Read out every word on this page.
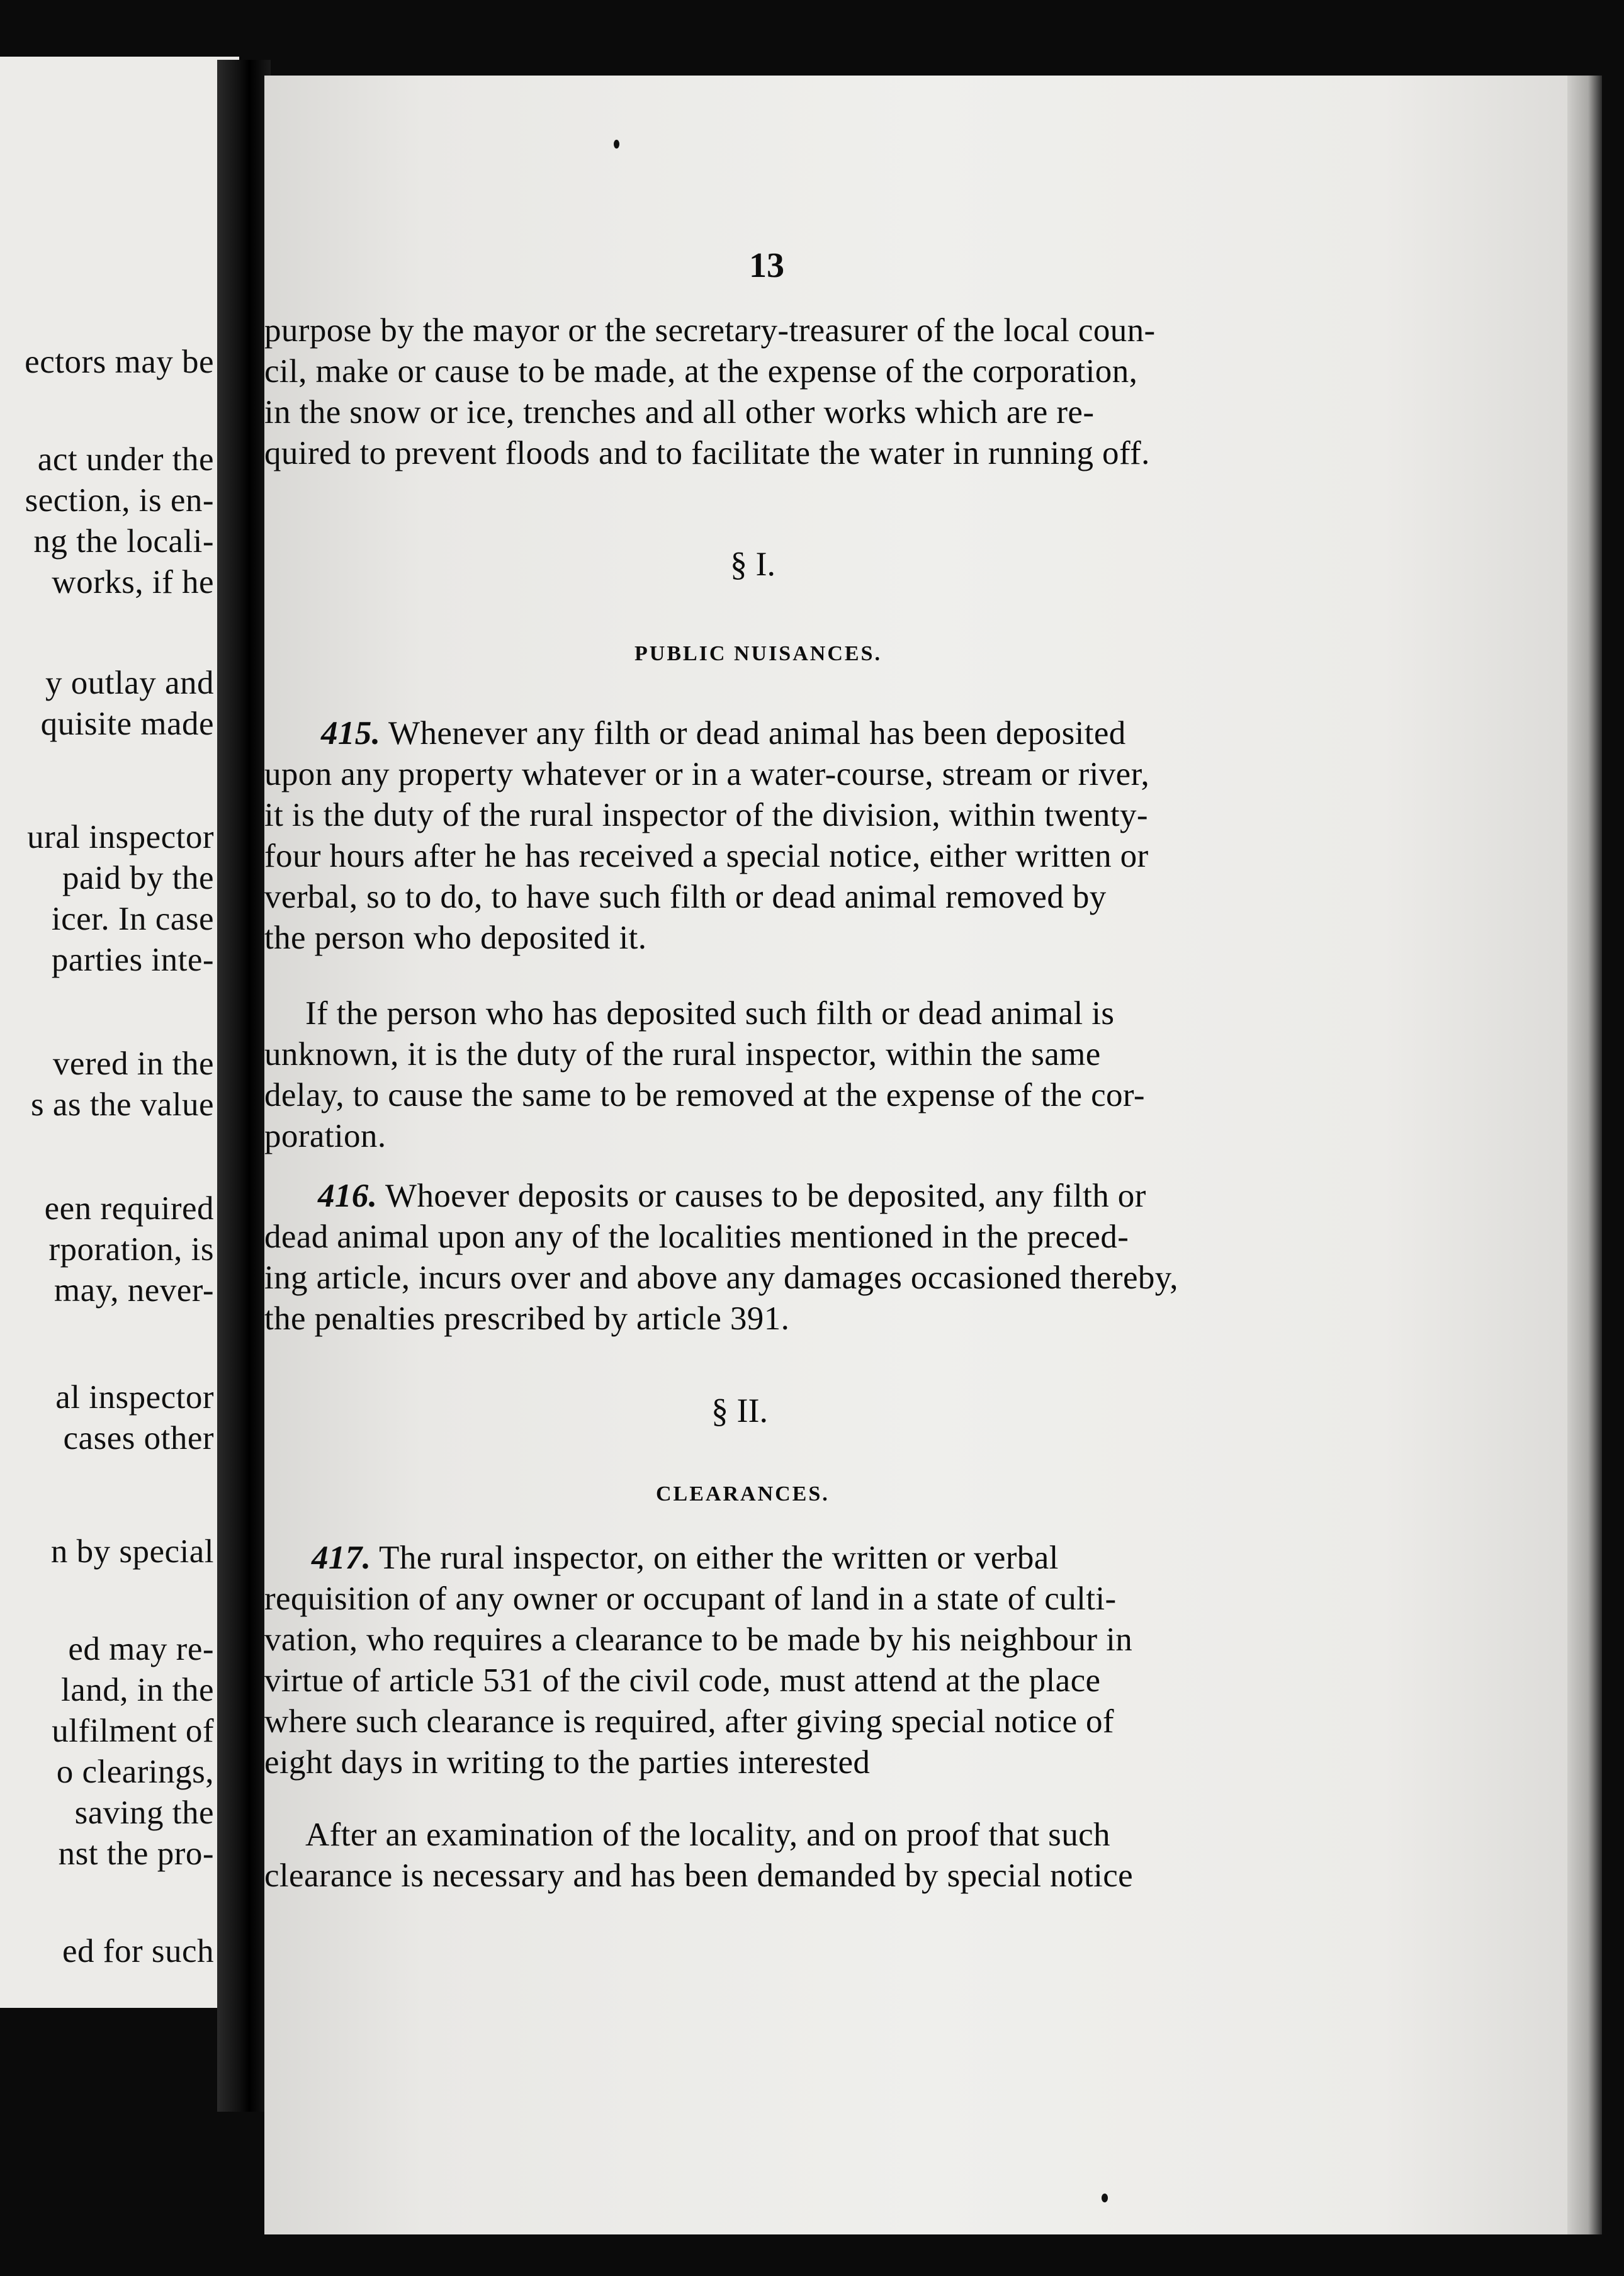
ectors may be
act under the
section, is en-
ng the locali-
works, if he
y outlay and
quisite made
ural inspector
paid by the
icer. In case
parties inte-
vered in the
s as the value
een required
rporation, is
may, never-
al inspector
cases other
n by special
ed may re-
land, in the
ulfilment of
o clearings,
saving the
nst the pro-
ed for such
13
purpose by the mayor or the secretary-treasurer of the local coun-
cil, make or cause to be made, at the expense of the corporation,
in the snow or ice, trenches and all other works which are re-
quired to prevent floods and to facilitate the water in running off.
§ I.
PUBLIC NUISANCES.
415. Whenever any filth or dead animal has been deposited
upon any property whatever or in a water-course, stream or river,
it is the duty of the rural inspector of the division, within twenty-
four hours after he has received a special notice, either written or
verbal, so to do, to have such filth or dead animal removed by
the person who deposited it.
If the person who has deposited such filth or dead animal is
unknown, it is the duty of the rural inspector, within the same
delay, to cause the same to be removed at the expense of the cor-
poration.
416. Whoever deposits or causes to be deposited, any filth or
dead animal upon any of the localities mentioned in the preced-
ing article, incurs over and above any damages occasioned thereby,
the penalties prescribed by article 391.
§ II.
CLEARANCES.
417. The rural inspector, on either the written or verbal
requisition of any owner or occupant of land in a state of culti-
vation, who requires a clearance to be made by his neighbour in
virtue of article 531 of the civil code, must attend at the place
where such clearance is required, after giving special notice of
eight days in writing to the parties interested
After an examination of the locality, and on proof that such
clearance is necessary and has been demanded by special notice
